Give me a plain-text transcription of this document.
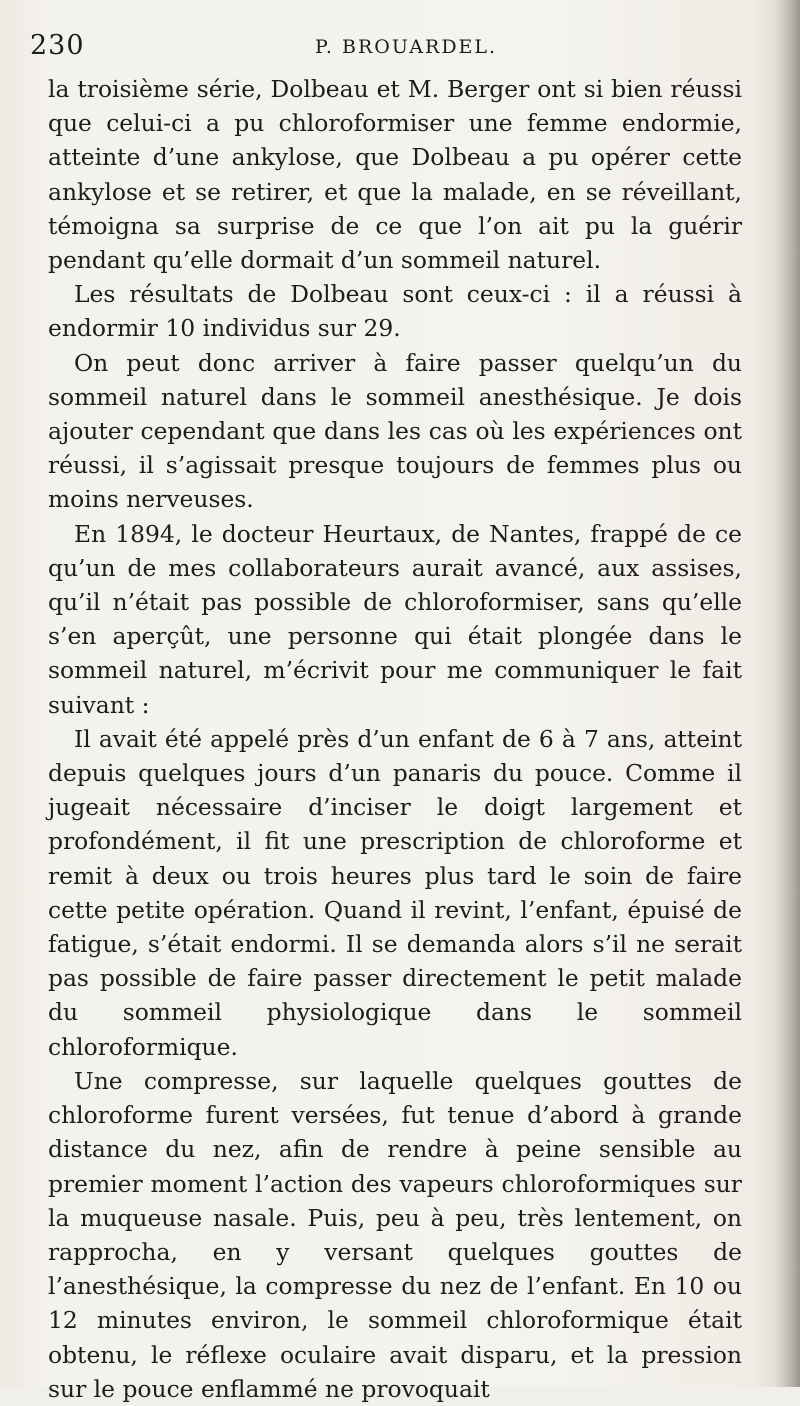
230	P. BROUARDEL.

la troisième série, Dolbeau et M. Berger ont si bien réussi que celui-ci a pu chloroformiser une femme endormie, atteinte d’une ankylose, que Dolbeau a pu opérer cette ankylose et se retirer, et que la malade, en se réveillant, témoigna sa surprise de ce que l’on ait pu la guérir pendant qu’elle dormait d’un sommeil naturel.

Les résultats de Dolbeau sont ceux-ci : il a réussi à endormir 10 individus sur 29.

On peut donc arriver à faire passer quelqu’un du sommeil naturel dans le sommeil anesthésique. Je dois ajouter cependant que dans les cas où les expériences ont réussi, il s’agissait presque toujours de femmes plus ou moins nerveuses.

En 1894, le docteur Heurtaux, de Nantes, frappé de ce qu’un de mes collaborateurs aurait avancé, aux assises, qu’il n’était pas possible de chloroformiser, sans qu’elle s’en aperçût, une personne qui était plongée dans le sommeil naturel, m’écrivit pour me communiquer le fait suivant :

Il avait été appelé près d’un enfant de 6 à 7 ans, atteint depuis quelques jours d’un panaris du pouce. Comme il jugeait nécessaire d’inciser le doigt largement et profondément, il fit une prescription de chloroforme et remit à deux ou trois heures plus tard le soin de faire cette petite opération. Quand il revint, l’enfant, épuisé de fatigue, s’était endormi. Il se demanda alors s’il ne serait pas possible de faire passer directement le petit malade du sommeil physiologique dans le sommeil chloroformique.

Une compresse, sur laquelle quelques gouttes de chloroforme furent versées, fut tenue d’abord à grande distance du nez, afin de rendre à peine sensible au premier moment l’action des vapeurs chloroformiques sur la muqueuse nasale. Puis, peu à peu, très lentement, on rapprocha, en y versant quelques gouttes de l’anesthésique, la compresse du nez de l’enfant. En 10 ou 12 minutes environ, le sommeil chloroformique était obtenu, le réflexe oculaire avait disparu, et la pression sur le pouce enflammé ne provoquait
